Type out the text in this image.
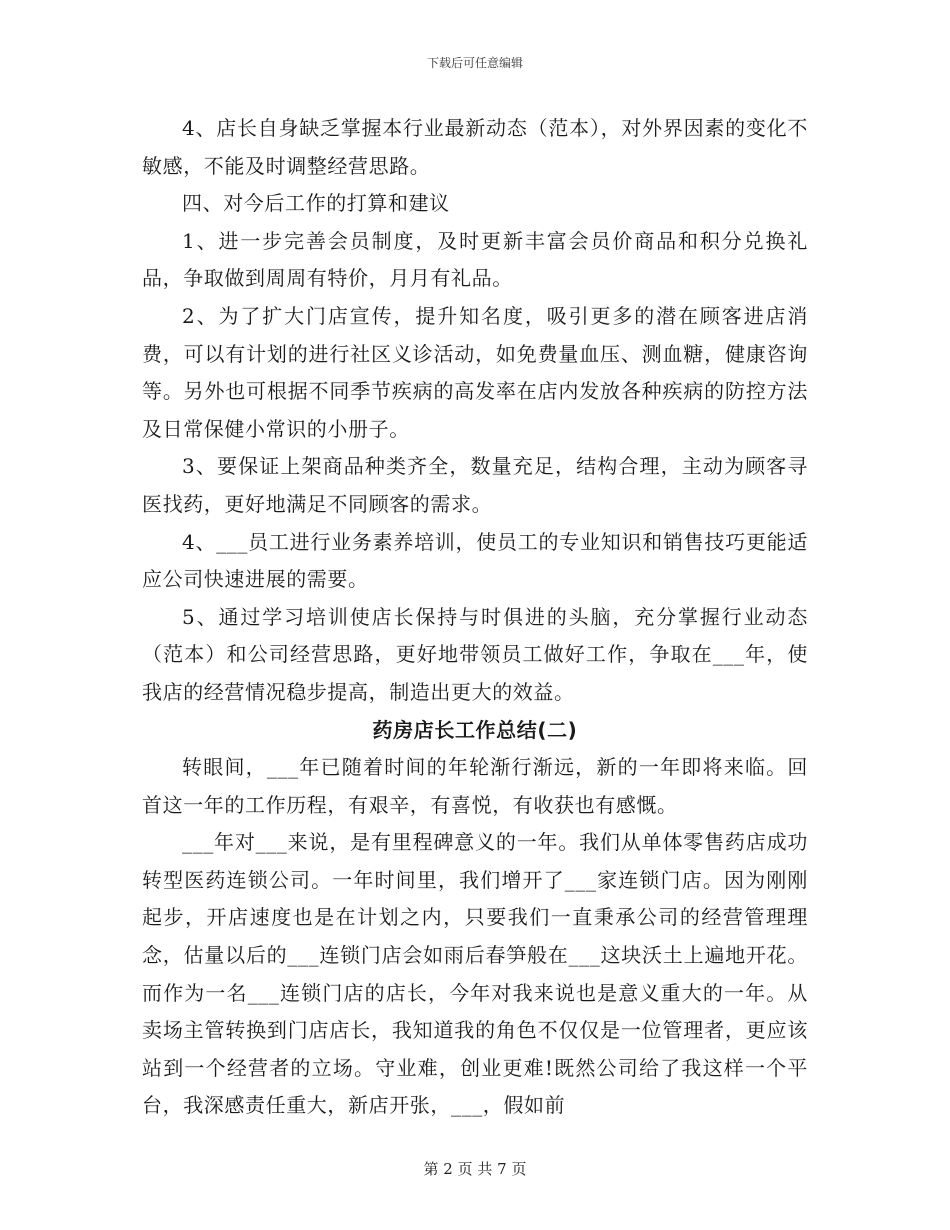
下载后可任意编辑

4、店长自身缺乏掌握本行业最新动态（范本），对外界因素的变化不敏感，不能及时调整经营思路。

四、对今后工作的打算和建议

1、进一步完善会员制度，及时更新丰富会员价商品和积分兑换礼品，争取做到周周有特价，月月有礼品。

2、为了扩大门店宣传，提升知名度，吸引更多的潜在顾客进店消费，可以有计划的进行社区义诊活动，如免费量血压、测血糖，健康咨询等。另外也可根据不同季节疾病的高发率在店内发放各种疾病的防控方法及日常保健小常识的小册子。

3、要保证上架商品种类齐全，数量充足，结构合理，主动为顾客寻医找药，更好地满足不同顾客的需求。

4、___员工进行业务素养培训，使员工的专业知识和销售技巧更能适应公司快速进展的需要。

5、通过学习培训使店长保持与时俱进的头脑，充分掌握行业动态（范本）和公司经营思路，更好地带领员工做好工作，争取在___年，使我店的经营情况稳步提高，制造出更大的效益。

药房店长工作总结(二)

转眼间，___年已随着时间的年轮渐行渐远，新的一年即将来临。回首这一年的工作历程，有艰辛，有喜悦，有收获也有感慨。

___年对___来说，是有里程碑意义的一年。我们从单体零售药店成功转型医药连锁公司。一年时间里，我们增开了___家连锁门店。因为刚刚起步，开店速度也是在计划之内，只要我们一直秉承公司的经营管理理念，估量以后的___连锁门店会如雨后春笋般在___这块沃土上遍地开花。而作为一名___连锁门店的店长，今年对我来说也是意义重大的一年。从卖场主管转换到门店店长，我知道我的角色不仅仅是一位管理者，更应该站到一个经营者的立场。守业难，创业更难!既然公司给了我这样一个平台，我深感责任重大，新店开张，___，假如前

第 2 页 共 7 页
